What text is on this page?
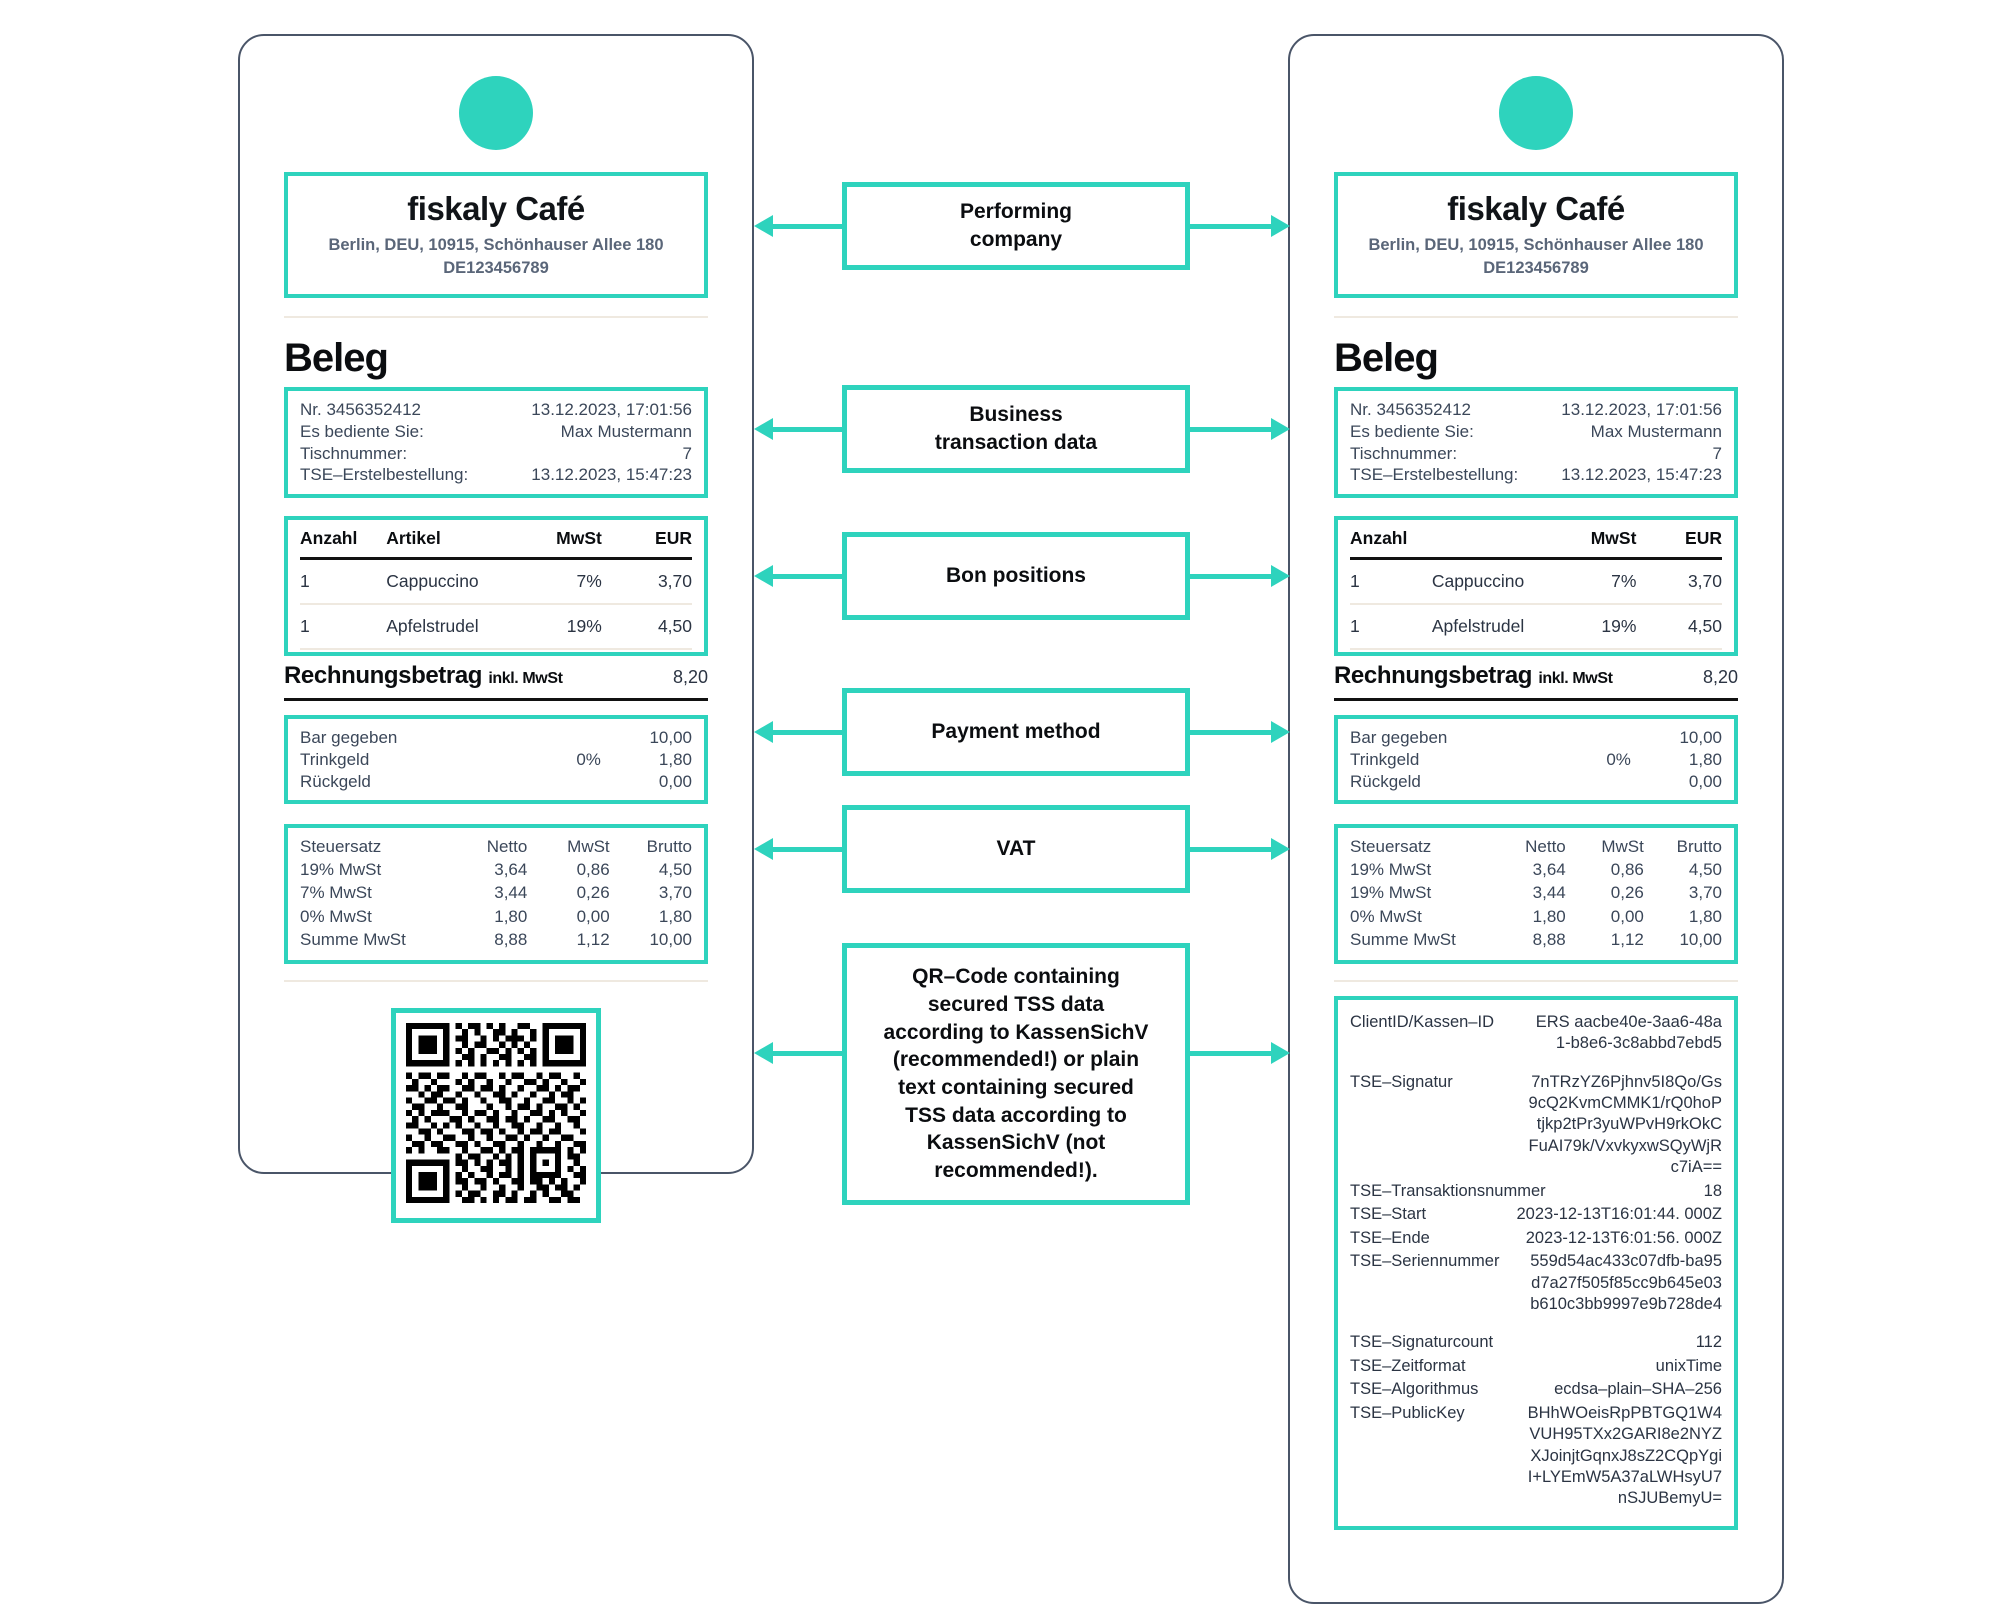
fiskaly Café
Berlin, DEU, 10915, Schönhauser Allee 180
DE123456789
Beleg
Nr. 3456352412	13.12.2023, 17:01:56
Es bediente Sie:	Max Mustermann
Tischnummer:	7
TSE–Erstelbestellung:	13.12.2023, 15:47:23
Anzahl	Artikel	MwSt	EUR
1	Cappuccino	7%	3,70
1	Apfelstrudel	19%	4,50
Rechnungsbetrag inkl. MwSt	8,20
Bar gegeben	10,00
Trinkgeld	0%	1,80
Rückgeld	0,00
Steuersatz	Netto	MwSt	Brutto
19% MwSt	3,64	0,86	4,50
7% MwSt	3,44	0,26	3,70
0% MwSt	1,80	0,00	1,80
Summe MwSt	8,88	1,12	10,00
fiskaly Café
Berlin, DEU, 10915, Schönhauser Allee 180
DE123456789
Beleg
Nr. 3456352412	13.12.2023, 17:01:56
Es bediente Sie:	Max Mustermann
Tischnummer:	7
TSE–Erstelbestellung:	13.12.2023, 15:47:23
Anzahl		MwSt	EUR
1	Cappuccino	7%	3,70
1	Apfelstrudel	19%	4,50
Rechnungsbetrag inkl. MwSt	8,20
Bar gegeben	10,00
Trinkgeld	0%	1,80
Rückgeld	0,00
Steuersatz	Netto	MwSt	Brutto
19% MwSt	3,64	0,86	4,50
19% MwSt	3,44	0,26	3,70
0% MwSt	1,80	0,00	1,80
Summe MwSt	8,88	1,12	10,00
ClientID/Kassen–ID	ERS aacbe40e-3aa6-48a1-b8e6-3c8abbd7ebd5
TSE–Signatur	7nTRzYZ6Pjhnv5I8Qo/Gs9cQ2KvmCMMK1/rQ0hoPtjkp2tPr3yuWPvH9rkOkCFuAI79k/VxvkyxwSQyWjRc7iA==
TSE–Transaktionsnummer	18
TSE–Start	2023-12-13T16:01:44. 000Z
TSE–Ende	2023-12-13T6:01:56. 000Z
TSE–Seriennummer 559d54ac433c07dfb-ba95d7a27f505f85cc9b645e03b610c3bb9997e9b728de4
TSE–Signaturcount	112
TSE–Zeitformat	unixTime
TSE–Algorithmus	ecdsa–plain–SHA–256
TSE–PublicKey	BHhWOeisRpPBTGQ1W4VUH95TXx2GARI8e2NYZXJoinjtGqnxJ8sZ2CQpYgiI+LYEmW5A37aLWHsyU7nSJUBemyU=
Performing
company
Business
transaction data
Bon positions
Payment method
VAT
QR–Code containing
secured TSS data
according to KassenSichV
(recommended!) or plain
text containing secured
TSS data according to
KassenSichV (not
recommended!).
